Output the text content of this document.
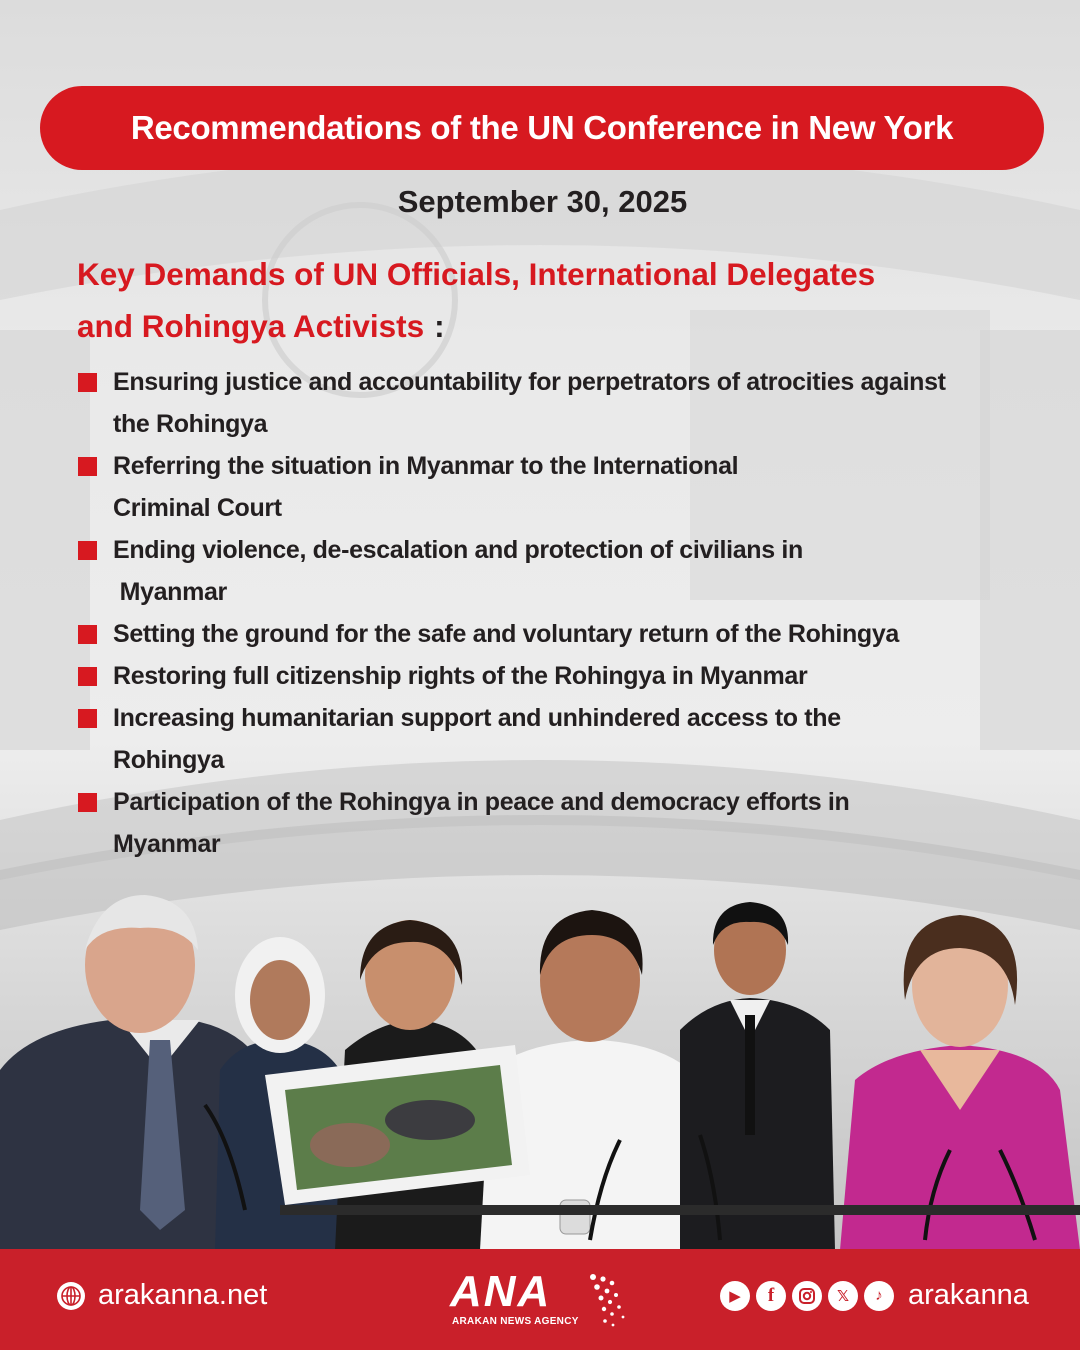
Recommendations of the UN Conference in New York
September 30, 2025
Key Demands of UN Officials, International Delegates
and Rohingya Activists :
Ensuring justice and accountability for perpetrators of atrocities against
the Rohingya
Referring the situation in Myanmar to the International
Criminal Court
Ending violence, de-escalation and protection of civilians in
Myanmar
Setting the ground for the safe and voluntary return of the Rohingya
Restoring full citizenship rights of the Rohingya in Myanmar
Increasing humanitarian support and unhindered access to the
Rohingya
Participation of the Rohingya in peace and democracy efforts in
Myanmar
arakanna.net	ANA
ARAKAN NEWS AGENCY
▶	f	𝕏	♪ arakanna
